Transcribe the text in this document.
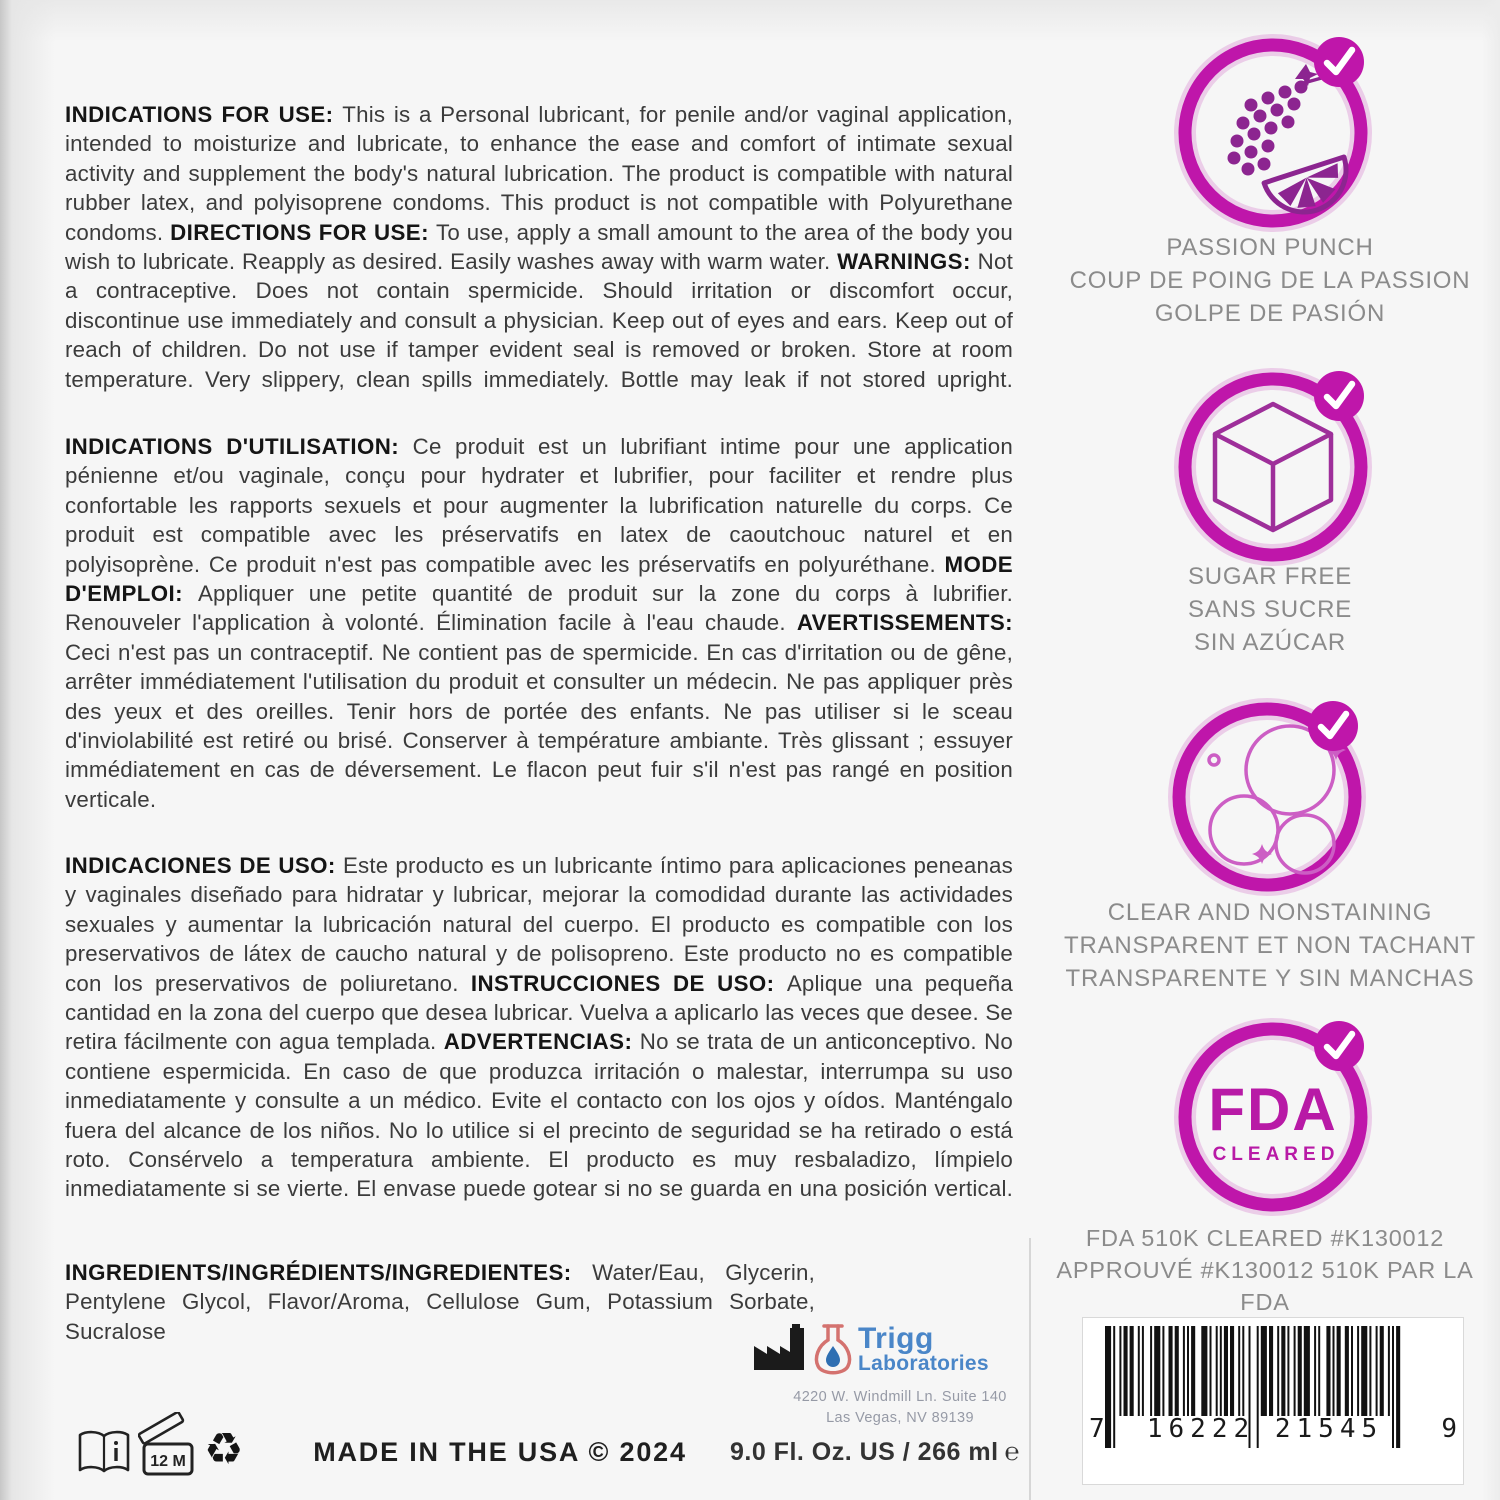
INDICATIONS FOR USE: This is a Personal lubricant, for penile and/or vaginal application, intended to moisturize and lubricate, to enhance the ease and comfort of intimate sexual activity and supplement the body's natural lubrication. The product is compatible with natural rubber latex, and polyisoprene condoms. This product is not compatible with Polyurethane condoms. DIRECTIONS FOR USE: To use, apply a small amount to the area of the body you wish to lubricate. Reapply as desired. Easily washes away with warm water. WARNINGS: Not a contraceptive. Does not contain spermicide. Should irritation or discomfort occur, discontinue use immediately and consult a physician. Keep out of eyes and ears. Keep out of reach of children. Do not use if tamper evident seal is removed or broken. Store at room temperature. Very slippery, clean spills immediately. Bottle may leak if not stored upright.
INDICATIONS D'UTILISATION: Ce produit est un lubrifiant intime pour une application pénienne et/ou vaginale, conçu pour hydrater et lubrifier, pour faciliter et rendre plus confortable les rapports sexuels et pour augmenter la lubrification naturelle du corps. Ce produit est compatible avec les préservatifs en latex de caoutchouc naturel et en polyisoprène. Ce produit n'est pas compatible avec les préservatifs en polyuréthane. MODE D'EMPLOI: Appliquer une petite quantité de produit sur la zone du corps à lubrifier. Renouveler l'application à volonté. Élimination facile à l'eau chaude. AVERTISSEMENTS: Ceci n'est pas un contraceptif. Ne contient pas de spermicide. En cas d'irritation ou de gêne, arrêter immédiatement l'utilisation du produit et consulter un médecin. Ne pas appliquer près des yeux et des oreilles. Tenir hors de portée des enfants. Ne pas utiliser si le sceau d'inviolabilité est retiré ou brisé. Conserver à température ambiante. Très glissant ; essuyer immédiatement en cas de déversement. Le flacon peut fuir s'il n'est pas rangé en position verticale.
INDICACIONES DE USO: Este producto es un lubricante íntimo para aplicaciones peneanas y vaginales diseñado para hidratar y lubricar, mejorar la comodidad durante las actividades sexuales y aumentar la lubricación natural del cuerpo. El producto es compatible con los preservativos de látex de caucho natural y de polisopreno. Este producto no es compatible con los preservativos de poliuretano. INSTRUCCIONES DE USO: Aplique una pequeña cantidad en la zona del cuerpo que desea lubricar. Vuelva a aplicarlo las veces que desee. Se retira fácilmente con agua templada. ADVERTENCIAS: No se trata de un anticonceptivo. No contiene espermicida. En caso de que produzca irritación o malestar, interrumpa su uso inmediatamente y consulte a un médico. Evite el contacto con los ojos y oídos. Manténgalo fuera del alcance de los niños. No lo utilice si el precinto de seguridad se ha retirado o está roto. Consérvelo a temperatura ambiente. El producto es muy resbaladizo, límpielo inmediatamente si se vierte. El envase puede gotear si no se guarda en una posición vertical.
INGREDIENTS/INGRÉDIENTS/INGREDIENTES: Water/Eau, Glycerin, Pentylene Glycol, Flavor/Aroma, Cellulose Gum, Potassium Sorbate, Sucralose
PASSION PUNCH
COUP DE POING DE LA PASSION
GOLPE DE PASIÓN
SUGAR FREE
SANS SUCRE
SIN AZÚCAR
CLEAR AND NONSTAINING
TRANSPARENT ET NON TACHANT
TRANSPARENTE Y SIN MANCHAS
FDA
CLEARED
FDA 510K CLEARED #K130012
APPROUVÉ #K130012 510K PAR LA FDA
Trigg
Laboratories
4220 W. Windmill Ln. Suite 140
Las Vegas, NV 89139
12 M ♻	MADE IN THE USA © 2024	9.0 Fl. Oz. US / 266 ml ℮
7 16222 21545 9
